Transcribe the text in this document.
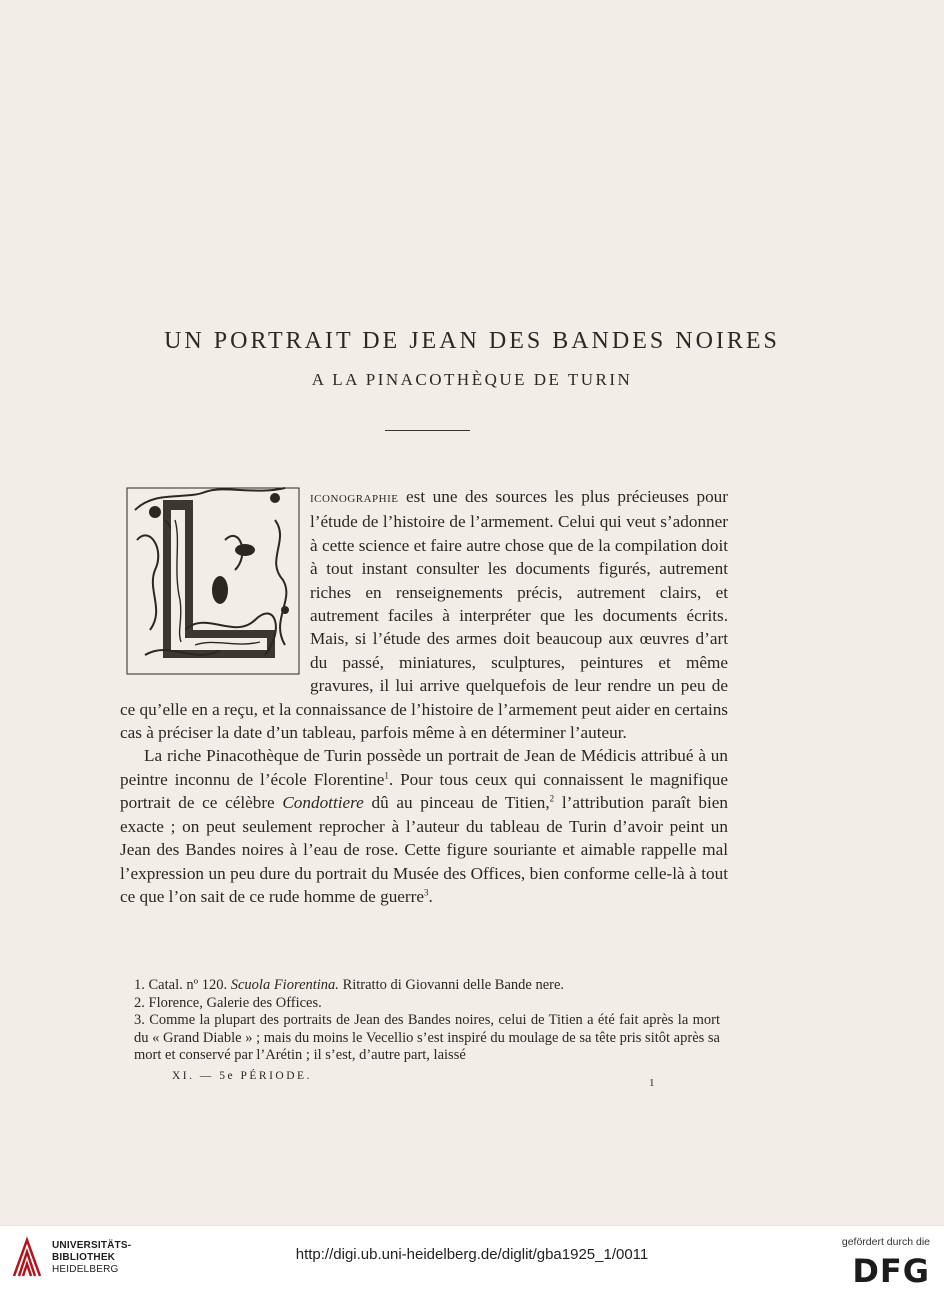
UN PORTRAIT DE JEAN DES BANDES NOIRES
A LA PINACOTHÈQUE DE TURIN

iconographie est une des sources les plus précieuses pour l’étude de l’histoire de l’armement. Celui qui veut s’adonner à cette science et faire autre chose que de la compilation doit à tout instant consulter les documents figurés, autrement riches en renseignements précis, autrement clairs, et autrement faciles à interpréter que les documents écrits. Mais, si l’étude des armes doit beaucoup aux œuvres d’art du passé, miniatures, sculptures, peintures et même gravures, il lui arrive quelquefois de leur rendre un peu de ce qu’elle en a reçu, et la connaissance de l’histoire de l’armement peut aider en certains cas à préciser la date d’un tableau, parfois même à en déterminer l’auteur.

La riche Pinacothèque de Turin possède un portrait de Jean de Médicis attribué à un peintre inconnu de l’école Florentine$^1$. Pour tous ceux qui connaissent le magnifique portrait de ce célèbre Condottiere dû au pinceau de Titien,$^2$ l’attribution paraît bien exacte ; on peut seulement reprocher à l’auteur du tableau de Turin d’avoir peint un Jean des Bandes noires à l’eau de rose. Cette figure souriante et aimable rappelle mal l’expression un peu dure du portrait du Musée des Offices, bien conforme celle-là à tout ce que l’on sait de ce rude homme de guerre$^3$.

1. Catal. nº 120. Scuola Fiorentina. Ritratto di Giovanni delle Bande nere.
2. Florence, Galerie des Offices.
3. Comme la plupart des portraits de Jean des Bandes noires, celui de Titien a été fait après la mort du « Grand Diable » ; mais du moins le Vecellio s’est inspiré du moulage de sa tête pris sitôt après sa mort et conservé par l’Arétin ; il s’est, d’autre part, laissé
XI. — 5e PÉRIODE.
1
UNIVERSITÄTS-
BIBLIOTHEK
HEIDELBERG
http://digi.ub.uni-heidelberg.de/diglit/gba1925_1/0011
gefördert durch die
DFG
